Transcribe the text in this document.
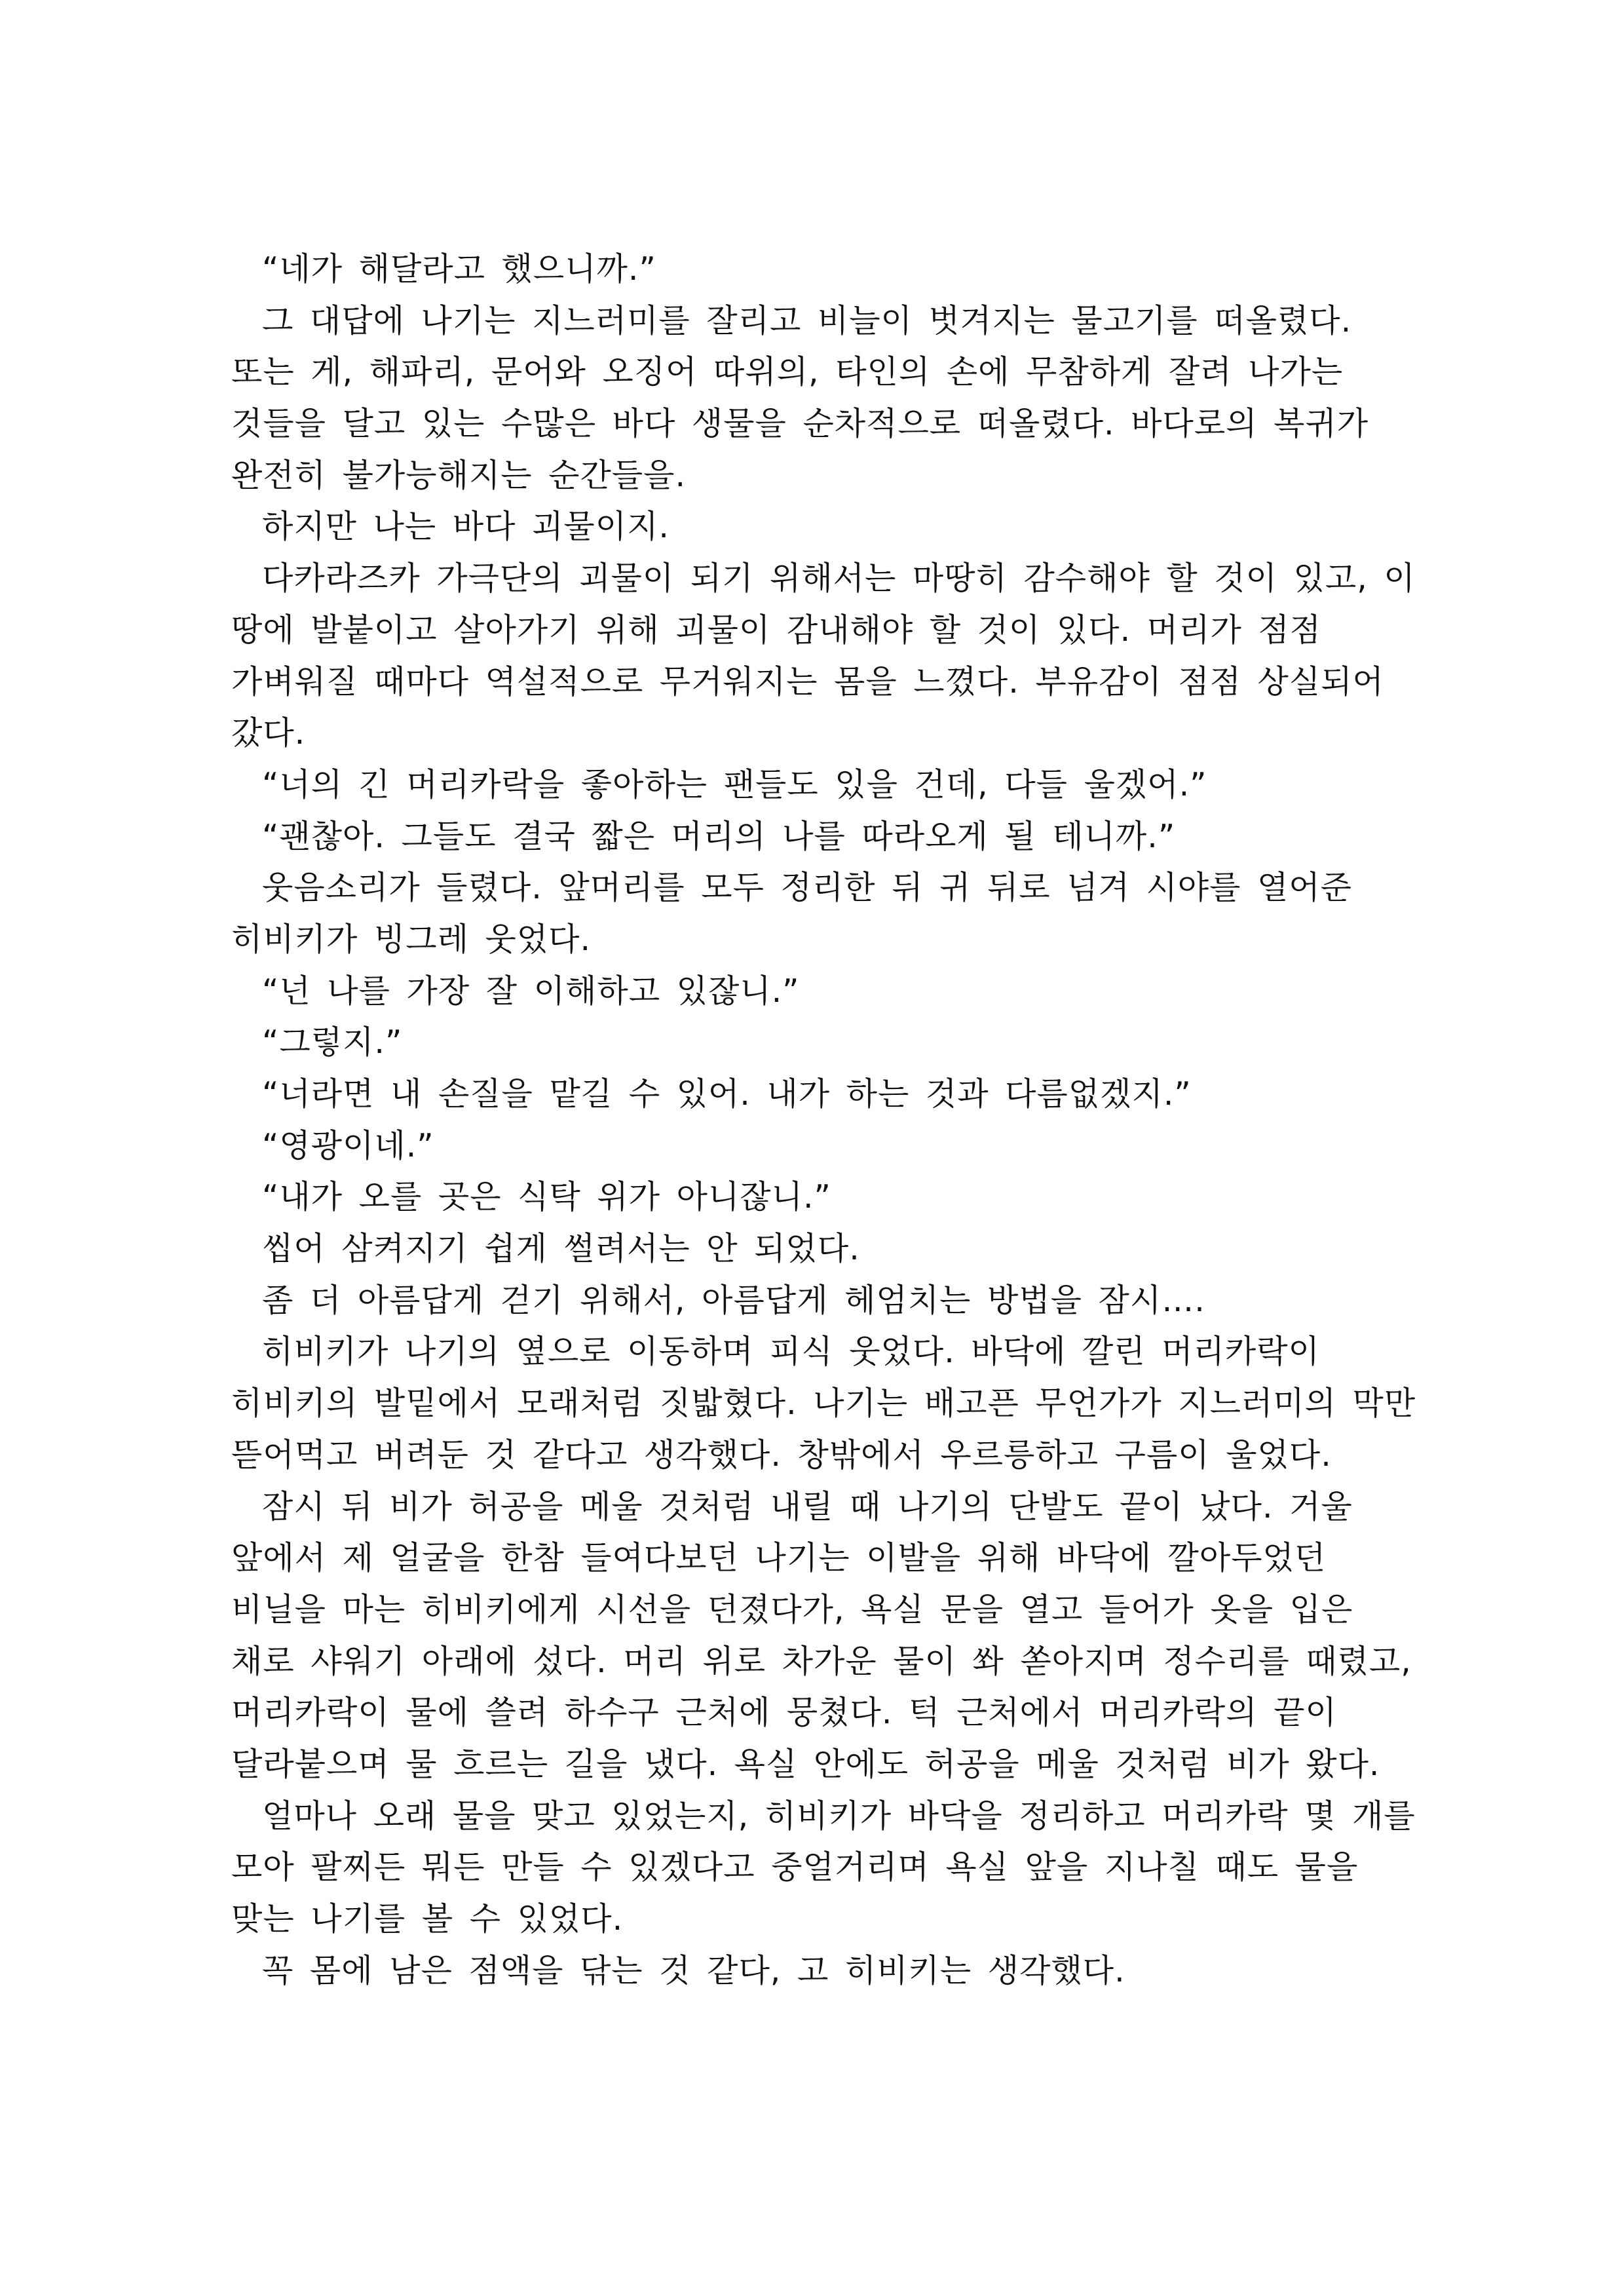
“네가 해달라고 했으니까.”
그 대답에 나기는 지느러미를 잘리고 비늘이 벗겨지는 물고기를 떠올렸다.
또는 게, 해파리, 문어와 오징어 따위의, 타인의 손에 무참하게 잘려 나가는
것들을 달고 있는 수많은 바다 생물을 순차적으로 떠올렸다. 바다로의 복귀가
완전히 불가능해지는 순간들을.
하지만 나는 바다 괴물이지.
다카라즈카 가극단의 괴물이 되기 위해서는 마땅히 감수해야 할 것이 있고, 이
땅에 발붙이고 살아가기 위해 괴물이 감내해야 할 것이 있다. 머리가 점점
가벼워질 때마다 역설적으로 무거워지는 몸을 느꼈다. 부유감이 점점 상실되어
갔다.
“너의 긴 머리카락을 좋아하는 팬들도 있을 건데, 다들 울겠어.”
“괜찮아. 그들도 결국 짧은 머리의 나를 따라오게 될 테니까.”
웃음소리가 들렸다. 앞머리를 모두 정리한 뒤 귀 뒤로 넘겨 시야를 열어준
히비키가 빙그레 웃었다.
“넌 나를 가장 잘 이해하고 있잖니.”
“그렇지.”
“너라면 내 손질을 맡길 수 있어. 내가 하는 것과 다름없겠지.”
“영광이네.”
“내가 오를 곳은 식탁 위가 아니잖니.”
씹어 삼켜지기 쉽게 썰려서는 안 되었다.
좀 더 아름답게 걷기 위해서, 아름답게 헤엄치는 방법을 잠시….
히비키가 나기의 옆으로 이동하며 피식 웃었다. 바닥에 깔린 머리카락이
히비키의 발밑에서 모래처럼 짓밟혔다. 나기는 배고픈 무언가가 지느러미의 막만
뜯어먹고 버려둔 것 같다고 생각했다. 창밖에서 우르릉하고 구름이 울었다.
잠시 뒤 비가 허공을 메울 것처럼 내릴 때 나기의 단발도 끝이 났다. 거울
앞에서 제 얼굴을 한참 들여다보던 나기는 이발을 위해 바닥에 깔아두었던
비닐을 마는 히비키에게 시선을 던졌다가, 욕실 문을 열고 들어가 옷을 입은
채로 샤워기 아래에 섰다. 머리 위로 차가운 물이 쏴 쏟아지며 정수리를 때렸고,
머리카락이 물에 쓸려 하수구 근처에 뭉쳤다. 턱 근처에서 머리카락의 끝이
달라붙으며 물 흐르는 길을 냈다. 욕실 안에도 허공을 메울 것처럼 비가 왔다.
얼마나 오래 물을 맞고 있었는지, 히비키가 바닥을 정리하고 머리카락 몇 개를
모아 팔찌든 뭐든 만들 수 있겠다고 중얼거리며 욕실 앞을 지나칠 때도 물을
맞는 나기를 볼 수 있었다.
꼭 몸에 남은 점액을 닦는 것 같다, 고 히비키는 생각했다.
